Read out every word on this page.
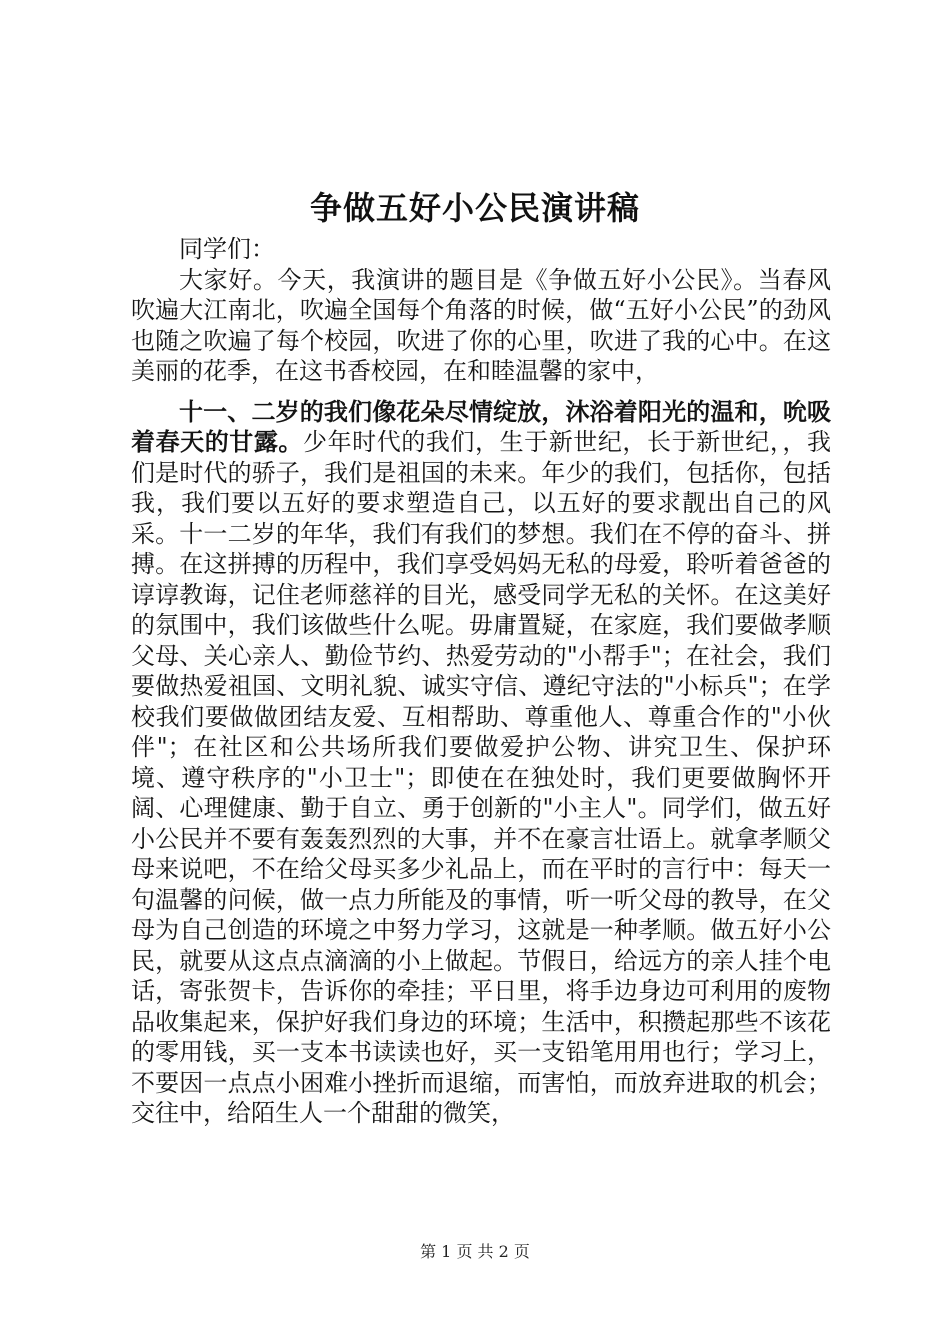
争做五好小公民演讲稿

同学们：

大家好。今天，我演讲的题目是《争做五好小公民》。当春风吹遍大江南北，吹遍全国每个角落的时候，做“五好小公民”的劲风也随之吹遍了每个校园，吹进了你的心里，吹进了我的心中。在这美丽的花季，在这书香校园，在和睦温馨的家中，

十一、二岁的我们像花朵尽情绽放，沐浴着阳光的温和，吮吸着春天的甘露。少年时代的我们，生于新世纪，长于新世纪，，我们是时代的骄子，我们是祖国的未来。年少的我们，包括你，包括我，我们要以五好的要求塑造自己，以五好的要求靓出自己的风采。十一二岁的年华，我们有我们的梦想。我们在不停的奋斗、拼搏。在这拼搏的历程中，我们享受妈妈无私的母爱，聆听着爸爸的谆谆教诲，记住老师慈祥的目光，感受同学无私的关怀。在这美好的氛围中，我们该做些什么呢。毋庸置疑，在家庭，我们要做孝顺父母、关心亲人、勤俭节约、热爱劳动的"小帮手"；在社会，我们要做热爱祖国、文明礼貌、诚实守信、遵纪守法的"小标兵"；在学校我们要做做团结友爱、互相帮助、尊重他人、尊重合作的"小伙伴"；在社区和公共场所我们要做爱护公物、讲究卫生、保护环境、遵守秩序的"小卫士"；即使在在独处时，我们更要做胸怀开阔、心理健康、勤于自立、勇于创新的"小主人"。同学们，做五好小公民并不要有轰轰烈烈的大事，并不在豪言壮语上。就拿孝顺父母来说吧，不在给父母买多少礼品上，而在平时的言行中：每天一句温馨的问候，做一点力所能及的事情，听一听父母的教导，在父母为自己创造的环境之中努力学习，这就是一种孝顺。做五好小公民，就要从这点点滴滴的小上做起。节假日，给远方的亲人挂个电话，寄张贺卡，告诉你的牵挂；平日里，将手边身边可利用的废物品收集起来，保护好我们身边的环境；生活中，积攒起那些不该花的零用钱，买一支本书读读也好，买一支铅笔用用也行；学习上，不要因一点点小困难小挫折而退缩，而害怕，而放弃进取的机会；交往中，给陌生人一个甜甜的微笑，

第 1 页 共 2 页
